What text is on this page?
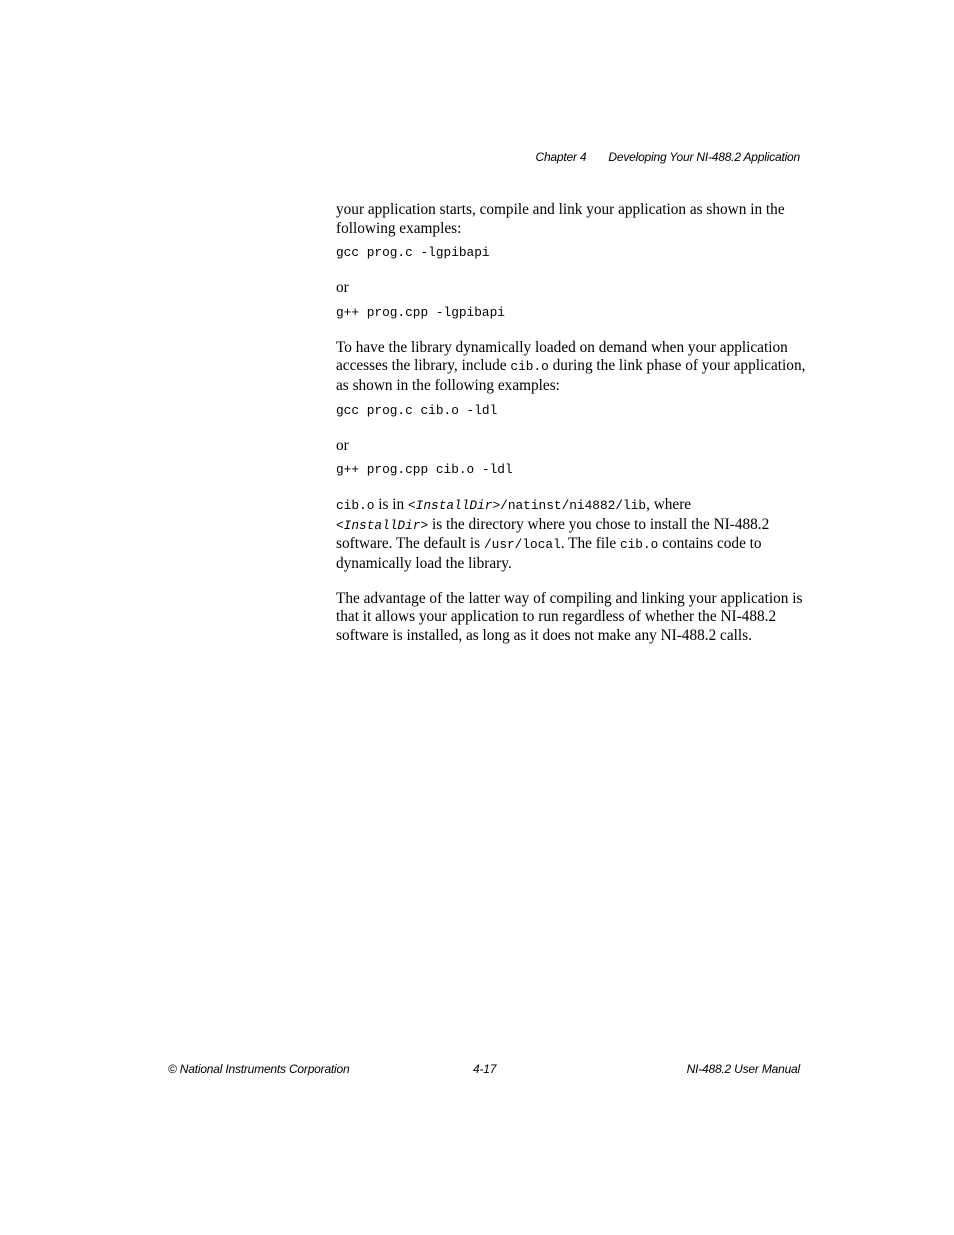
Chapter 4 Developing Your NI-488.2 Application

your application starts, compile and link your application as shown in the following examples:

gcc prog.c -lgpibapi

or

g++ prog.cpp -lgpibapi

To have the library dynamically loaded on demand when your application accesses the library, include cib.o during the link phase of your application, as shown in the following examples:

gcc prog.c cib.o -ldl

or

g++ prog.cpp cib.o -ldl

cib.o is in <InstallDir>/natinst/ni4882/lib, where
<InstallDir> is the directory where you chose to install the NI-488.2 software. The default is /usr/local. The file cib.o contains code to dynamically load the library.

The advantage of the latter way of compiling and linking your application is that it allows your application to run regardless of whether the NI-488.2 software is installed, as long as it does not make any NI-488.2 calls.

© National Instruments Corporation	4-17	NI-488.2 User Manual
